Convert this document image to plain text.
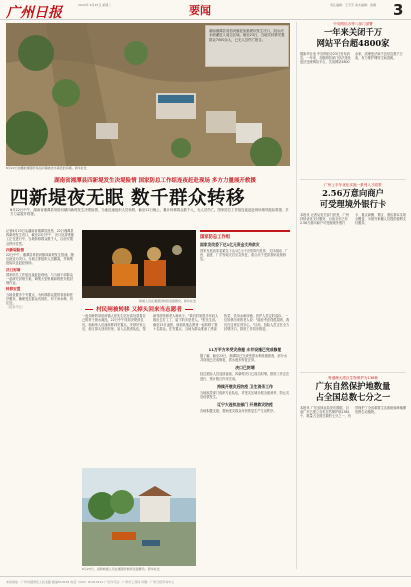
广州日报	2024年 6月25日 星期二	要闻	责任编辑：王芳芳 美术编辑：雷翼 3
湖南湘潭县易俗河镇泥灰港堤坝发生决口，涓水河水倒灌进入周边区域。截至23日，当地共转移安置群众7000余人，已无人员伤亡报告。
6月22日拍摄的湘潭县易俗河镇被洪水淹没的房屋。新华社发
湖南省湘潭县四新堤发生决堤险情 国家防总工作组连夜赶赴现场 多方力量展开救援
四新堤夜无眠 数千群众转移
6月22日中午，湖南省湘潭县易俗河镇四新堤发生决堤险情，当地迅速组织人员转移，截至22日晚上，累计转移群众数千人，无人员伤亡。国家防总工作组连夜赶赴现场指导抢险救援，多方力量展开救援。

记者6月23日从湖南省湘潭县获悉，22日湘潭县四新堤发生决口，截至23日中午，决口处封堵施工正在进行中，当地转移群众数千人，目前安置点秩序井然。

四新堤险情

22日中午，湘潭县易俗河镇四新堤发生管涌，随后演变为决口。当地立即组织人员撤离，并调集抢险队伍赶赴现场。

决口封堵

国家防总工作组连夜赶赴现场，与当地干部群众一起研究封堵方案，调集大型机械和物资开展封堵作业。

转移安置

当地设置多个安置点，为转移群众提供食宿和医疗服务，确保受灾群众有饭吃、有干净水喝、有住处。

（据新华社）

救援人员在湘潭县转移受困群众。新华社发
国家防总工作组
国家发改委下达1亿元资金支持救灾
国家发展改革委紧急下达1亿元中央预算内投资，支持湖南、广西、福建、广东等地灾后应急恢复，重点用于受损基础设施修复。
村民闸被转移 又掉头回来当志愿者
一夜未眠的易俗河镇人张先生站在高处望着自己的村子被水淹没。22日中午得知决堤消息后，他和家人迅速转移到安置点。安顿好家人后，他又掉头回到村里，加入志愿者队伍，帮助邻居转移老人和孩子。"我们村里很多年轻人都出去打工了，留下的多是老人。"张先生说。截至23日凌晨，他和其他志愿者一起转移了数十名群众。在安置点，当地为群众准备了热饭热菜、饮用水和床铺，医护人员定时巡诊。一位转移出来的老人说："政府考虑得很周到，我们在这里住得安心。"目前，抢险人员正在全力封堵决口，排涝工作同步推进。
11万平方米受灾房屋 水井设施已完成修复

据了解，截至23日，湘潭县已完成受损水利设施排查，部分水井设施已完成修复，供水逐步恢复正常。

决口已封堵

经过抢险人员连续奋战，四新堤决口已成功封堵。排涝工作正在进行，预计数日内可完成。

持续开展灾后防疫 卫生消杀工作

当地疾控部门组织专业队伍，对受灾区域开展全面消杀，防止灾后疫情发生。

辽宁大连执法部门 开展救灾防疫

各地积极支援，帮助受灾群众尽快恢复生产生活秩序。

6月23日，消防救援人员在湘潭县转移受困群众。新华社发
中央网信办等八部门部署
一年来关闭千万
网站平台超4800家
据新华社电 中央网信办23日发布消息，一年来，各级网信部门依法查处违法违规网站平台，关闭网站4800余家，清理违法和不良信息数千万条，有力维护网络空间清朗。
广州上半年优化实施一系列人才政策
2.56万意向商户
可受理境外银行卡
本报讯 记者从有关部门获悉，广州持续优化支付服务，目前全市已有2.56万意向商户可受理境外银行卡，重点商圈、景区、酒店基本实现全覆盖，为境外来穗人员提供便利支付服务。
粤港澳大湾区生物保护为136种
广东自然保护地数量
占全国总数七分之一
本报讯 广东省林业局发布数据，目前广东已建立各类自然保护地1361个，数量占全国总数的七分之一，有效保护了全省重要生态系统和珍稀濒危野生动植物。
本报地址：广州市越秀区人民北路 邮编510034 电话（020）81919191 广告许可证：广州市工商局 印刷：广州日报印务中心
